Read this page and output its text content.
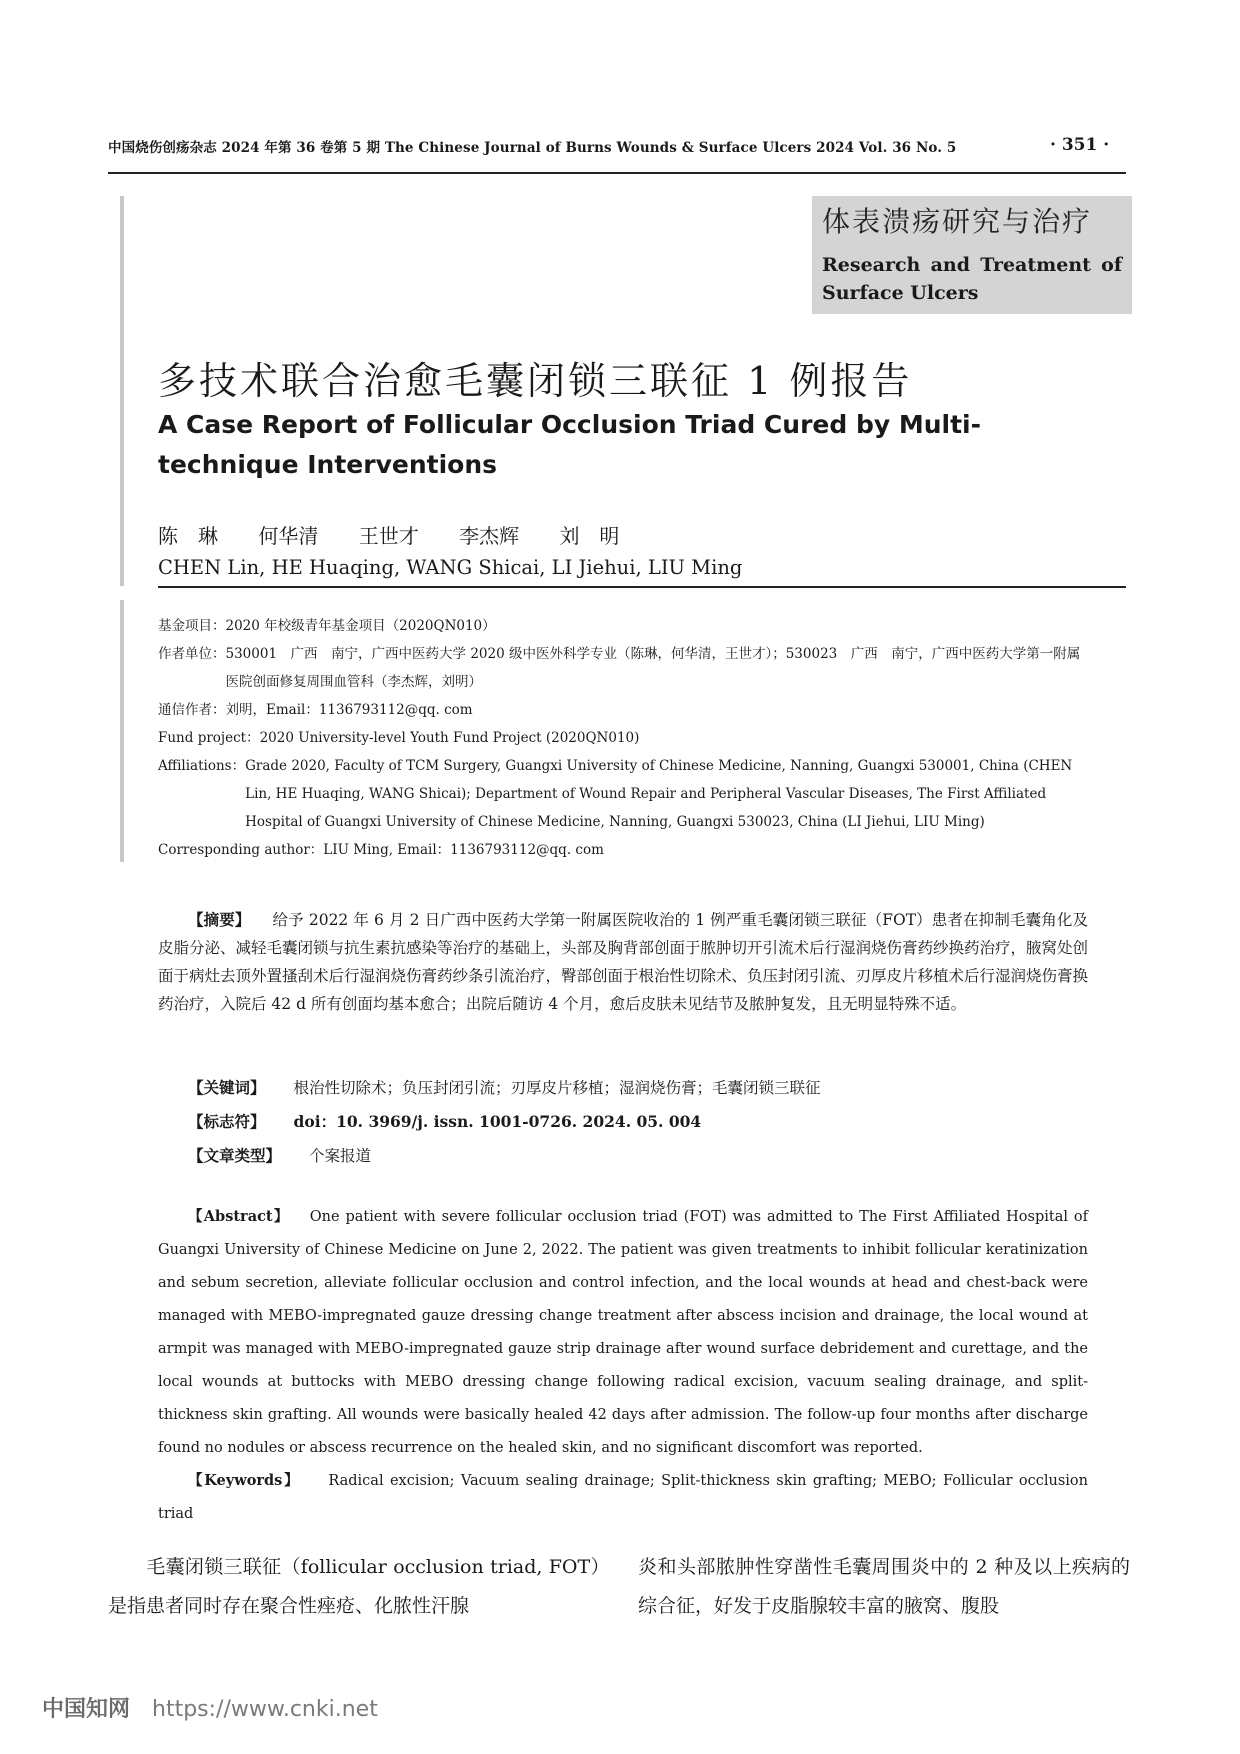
中国烧伤创疡杂志 2024 年第 36 卷第 5 期 The Chinese Journal of Burns Wounds & Surface Ulcers 2024 Vol. 36 No. 5	· 351 ·
体表溃疡研究与治疗
Research and Treatment of
Surface Ulcers
多技术联合治愈毛囊闭锁三联征 1 例报告
A Case Report of Follicular Occlusion Triad Cured by Multi-technique Interventions
陈　琳 何华清 王世才 李杰辉 刘　明
CHEN Lin, HE Huaqing, WANG Shicai, LI Jiehui, LIU Ming
基金项目： 2020 年校级青年基金项目（2020QN010）
作者单位： 530001　广西　南宁，广西中医药大学 2020 级中医外科学专业（陈琳，何华清，王世才）；530023　广西　南宁，广西中医药大学第一附属医院创面修复周围血管科（李杰辉，刘明）
通信作者： 刘明，Email：1136793112@qq. com
Fund project： 2020 University-level Youth Fund Project (2020QN010)
Affiliations： Grade 2020, Faculty of TCM Surgery, Guangxi University of Chinese Medicine, Nanning, Guangxi 530001, China (CHEN Lin, HE Huaqing, WANG Shicai); Department of Wound Repair and Peripheral Vascular Diseases, The First Affiliated Hospital of Guangxi University of Chinese Medicine, Nanning, Guangxi 530023, China (LI Jiehui, LIU Ming)
Corresponding author： LIU Ming, Email：1136793112@qq. com
【摘要】 给予 2022 年 6 月 2 日广西中医药大学第一附属医院收治的 1 例严重毛囊闭锁三联征（FOT）患者在抑制毛囊角化及皮脂分泌、减轻毛囊闭锁与抗生素抗感染等治疗的基础上，头部及胸背部创面于脓肿切开引流术后行湿润烧伤膏药纱换药治疗，腋窝处创面于病灶去顶外置搔刮术后行湿润烧伤膏药纱条引流治疗，臀部创面于根治性切除术、负压封闭引流、刃厚皮片移植术后行湿润烧伤膏换药治疗，入院后 42 d 所有创面均基本愈合；出院后随访 4 个月，愈后皮肤未见结节及脓肿复发，且无明显特殊不适。
【关键词】 根治性切除术；负压封闭引流；刃厚皮片移植；湿润烧伤膏；毛囊闭锁三联征
【标志符】 doi：10. 3969/j. issn. 1001-0726. 2024. 05. 004
【文章类型】 个案报道
【Abstract】 One patient with severe follicular occlusion triad (FOT) was admitted to The First Affiliated Hospital of Guangxi University of Chinese Medicine on June 2, 2022. The patient was given treatments to inhibit follicular keratinization and sebum secretion, alleviate follicular occlusion and control infection, and the local wounds at head and chest-back were managed with MEBO-impregnated gauze dressing change treatment after abscess incision and drainage, the local wound at armpit was managed with MEBO-impregnated gauze strip drainage after wound surface debridement and curettage, and the local wounds at buttocks with MEBO dressing change following radical excision, vacuum sealing drainage, and split-thickness skin grafting. All wounds were basically healed 42 days after admission. The follow-up four months after discharge found no nodules or abscess recurrence on the healed skin, and no significant discomfort was reported.
【Keywords】 Radical excision; Vacuum sealing drainage; Split-thickness skin grafting; MEBO; Follicular occlusion triad
毛囊闭锁三联征（follicular occlusion triad, FOT）是指患者同时存在聚合性痤疮、化脓性汗腺
炎和头部脓肿性穿凿性毛囊周围炎中的 2 种及以上疾病的综合征，好发于皮脂腺较丰富的腋窝、腹股
中国知网 https://www.cnki.net
